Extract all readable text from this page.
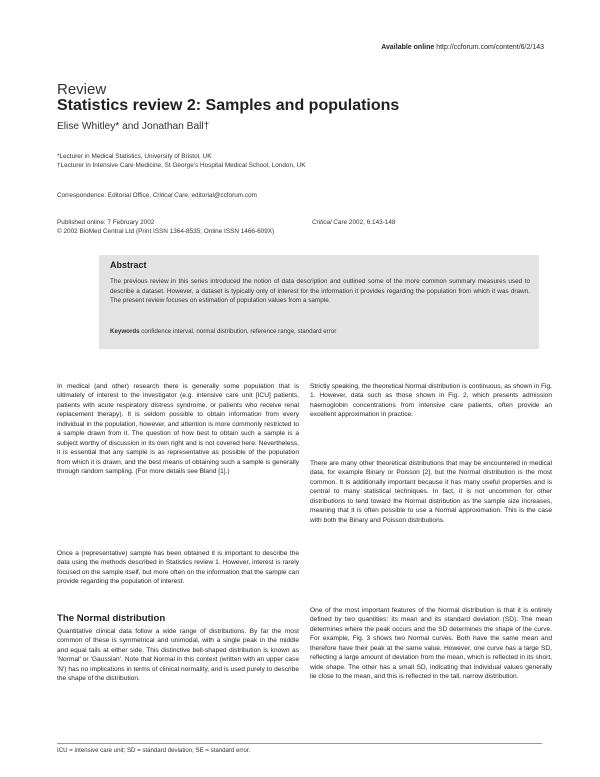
Available online http://ccforum.com/content/6/2/143
Review
Statistics review 2: Samples and populations
Elise Whitley* and Jonathan Ball†
*Lecturer in Medical Statistics, University of Bristol, UK
†Lecturer in Intensive Care Medicine, St George's Hospital Medical School, London, UK
Correspondence: Editorial Office, Critical Care, editorial@ccforum.com
Published online: 7 February 2002
© 2002 BioMed Central Ltd (Print ISSN 1364-8535; Online ISSN 1466-609X)
Critical Care 2002, 6:143-148
Abstract
The previous review in this series introduced the notion of data description and outlined some of the more common summary measures used to describe a dataset. However, a dataset is typically only of interest for the information it provides regarding the population from which it was drawn. The present review focuses on estimation of population values from a sample.
Keywords confidence interval, normal distribution, reference range, standard error

In medical (and other) research there is generally some population that is ultimately of interest to the investigator (e.g. intensive care unit [ICU] patients, patients with acute respiratory distress syndrome, or patients who receive renal replacement therapy). It is seldom possible to obtain information from every individual in the population, however, and attention is more commonly restricted to a sample drawn from it. The question of how best to obtain such a sample is a subject worthy of discussion in its own right and is not covered here. Nevertheless, it is essential that any sample is as representative as possible of the population from which it is drawn, and the best means of obtaining such a sample is generally through random sampling. (For more details see Bland [1].)

Once a (representative) sample has been obtained it is important to describe the data using the methods described in Statistics review 1. However, interest is rarely focused on the sample itself, but more often on the information that the sample can provide regarding the population of interest.

The Normal distribution

Quantitative clinical data follow a wide range of distributions. By far the most common of these is symmetrical and unimodal, with a single peak in the middle and equal tails at either side. This distinctive bell-shaped distribution is known as 'Normal' or 'Gaussian'. Note that Normal in this context (written with an upper case 'N') has no implications in terms of clinical normality, and is used purely to describe the shape of the distribution.

Strictly speaking, the theoretical Normal distribution is continuous, as shown in Fig. 1. However, data such as those shown in Fig. 2, which presents admission haemoglobin concentrations from intensive care patients, often provide an excellent approximation in practice.

There are many other theoretical distributions that may be encountered in medical data, for example Binary or Poisson [2], but the Normal distribution is the most common. It is additionally important because it has many useful properties and is central to many statistical techniques. In fact, it is not uncommon for other distributions to tend toward the Normal distribution as the sample size increases, meaning that it is often possible to use a Normal approximation. This is the case with both the Binary and Poisson distributions.

One of the most important features of the Normal distribution is that it is entirely defined by two quantities: its mean and its standard deviation (SD). The mean determines where the peak occurs and the SD determines the shape of the curve. For example, Fig. 3 shows two Normal curves. Both have the same mean and therefore have their peak at the same value. However, one curve has a large SD, reflecting a large amount of deviation from the mean, which is reflected in its short, wide shape. The other has a small SD, indicating that individual values generally lie close to the mean, and this is reflected in the tall, narrow distribution.

ICU = intensive care unit; SD = standard deviation; SE = standard error.
